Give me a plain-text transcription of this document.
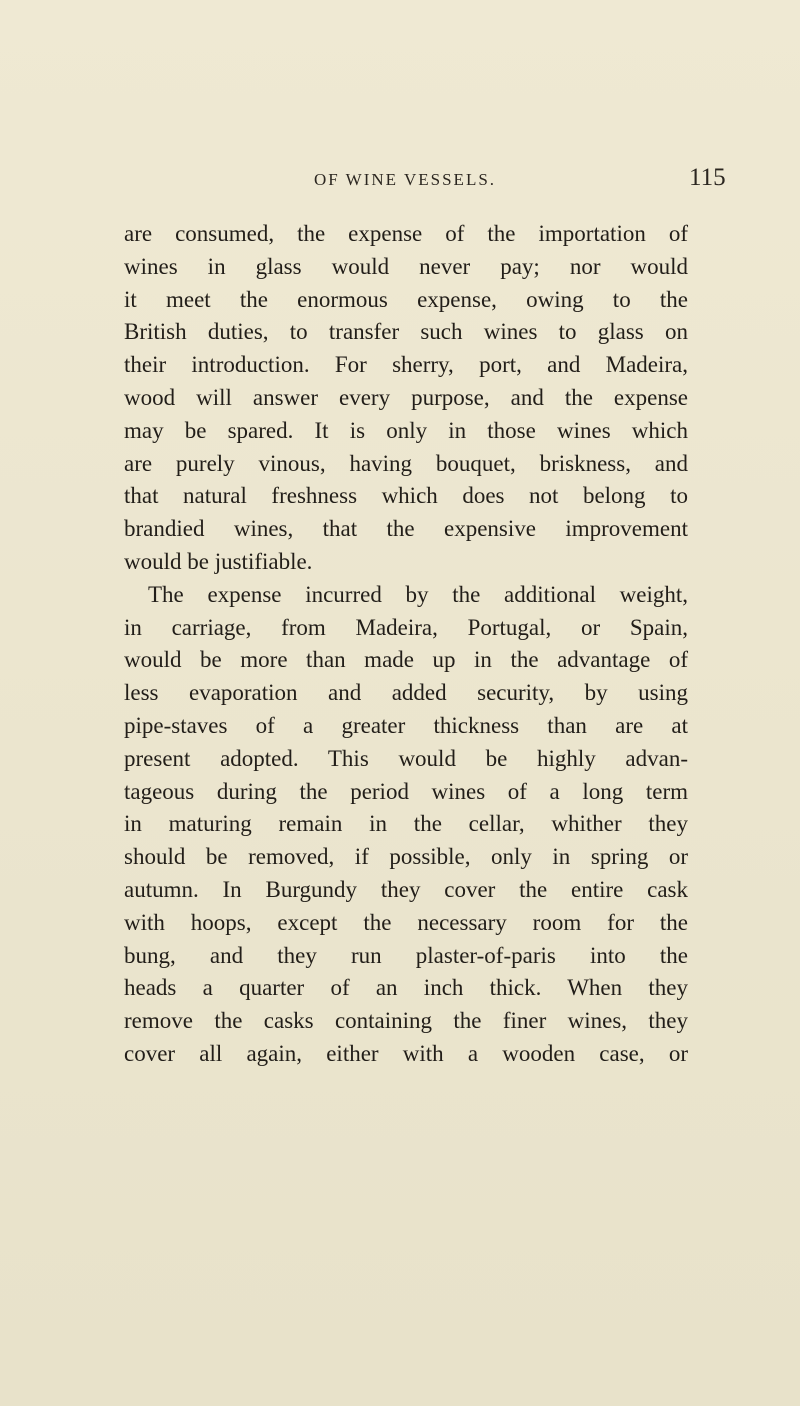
OF WINE VESSELS.	115
are consumed, the expense of the importation of
wines in glass would never pay; nor would
it meet the enormous expense, owing to the
British duties, to transfer such wines to glass on
their introduction. For sherry, port, and Madeira,
wood will answer every purpose, and the expense
may be spared. It is only in those wines which
are purely vinous, having bouquet, briskness, and
that natural freshness which does not belong to
brandied wines, that the expensive improvement
would be justifiable.
The expense incurred by the additional weight,
in carriage, from Madeira, Portugal, or Spain,
would be more than made up in the advantage of
less evaporation and added security, by using
pipe-staves of a greater thickness than are at
present adopted. This would be highly advan-
tageous during the period wines of a long term
in maturing remain in the cellar, whither they
should be removed, if possible, only in spring or
autumn. In Burgundy they cover the entire cask
with hoops, except the necessary room for the
bung, and they run plaster-of-paris into the
heads a quarter of an inch thick. When they
remove the casks containing the finer wines, they
cover all again, either with a wooden case, or
